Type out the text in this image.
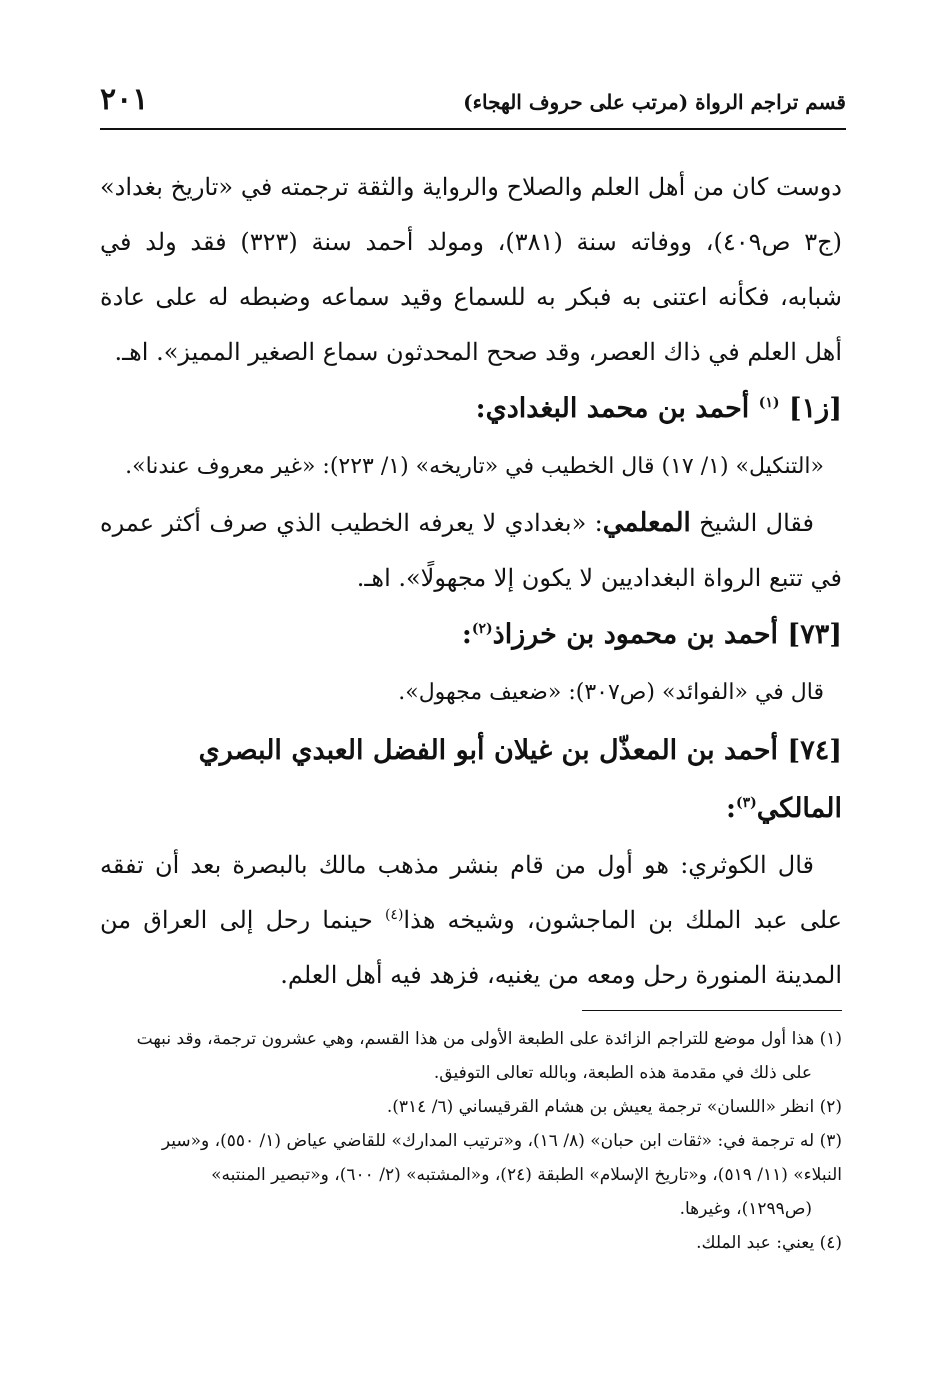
٢٠١	قسم تراجم الرواة (مرتب على حروف الهجاء)

دوست كان من أهل العلم والصلاح والرواية والثقة ترجمته في «تاريخ بغداد» (ج٣ ص٤٠٩)، ووفاته سنة (٣٨١)، ومولد أحمد سنة (٣٢٣) فقد ولد في شبابه، فكأنه اعتنى به فبكر به للسماع وقيد سماعه وضبطه له على عادة أهل العلم في ذاك العصر، وقد صحح المحدثون سماع الصغير المميز». اهـ.

[ز١] $^{(١)}$ أحمد بن محمد البغدادي:

«التنكيل» (١/ ١٧) قال الخطيب في «تاريخه» (١/ ٢٢٣): «غير معروف عندنا».

فقال الشيخ المعلمي: «بغدادي لا يعرفه الخطيب الذي صرف أكثر عمره في تتبع الرواة البغداديين لا يكون إلا مجهولًا». اهـ.

[٧٣] أحمد بن محمود بن خرزاذ$^{(٢)}$:

قال في «الفوائد» (ص٣٠٧): «ضعيف مجهول».

[٧٤] أحمد بن المعذّل بن غيلان أبو الفضل العبدي البصري المالكي$^{(٣)}$:

قال الكوثري: هو أول من قام بنشر مذهب مالك بالبصرة بعد أن تفقه على عبد الملك بن الماجشون، وشيخه هذا$^{(٤)}$ حينما رحل إلى العراق من المدينة المنورة رحل ومعه من يغنيه، فزهد فيه أهل العلم.

(١) هذا أول موضع للتراجم الزائدة على الطبعة الأولى من هذا القسم، وهي عشرون ترجمة، وقد نبهت
على ذلك في مقدمة هذه الطبعة، وبالله تعالى التوفيق.

(٢) انظر «اللسان» ترجمة يعيش بن هشام القرقيساني (٦/ ٣١٤).

(٣) له ترجمة في: «ثقات ابن حبان» (٨/ ١٦)، و«ترتيب المدارك» للقاضي عياض (١/ ٥٥٠)، و«سير
النبلاء» (١١/ ٥١٩)، و«تاريخ الإسلام» الطبقة (٢٤)، و«المشتبه» (٢/ ٦٠٠)، و«تبصير المنتبه»
(ص١٢٩٩)، وغيرها.

(٤) يعني: عبد الملك.
